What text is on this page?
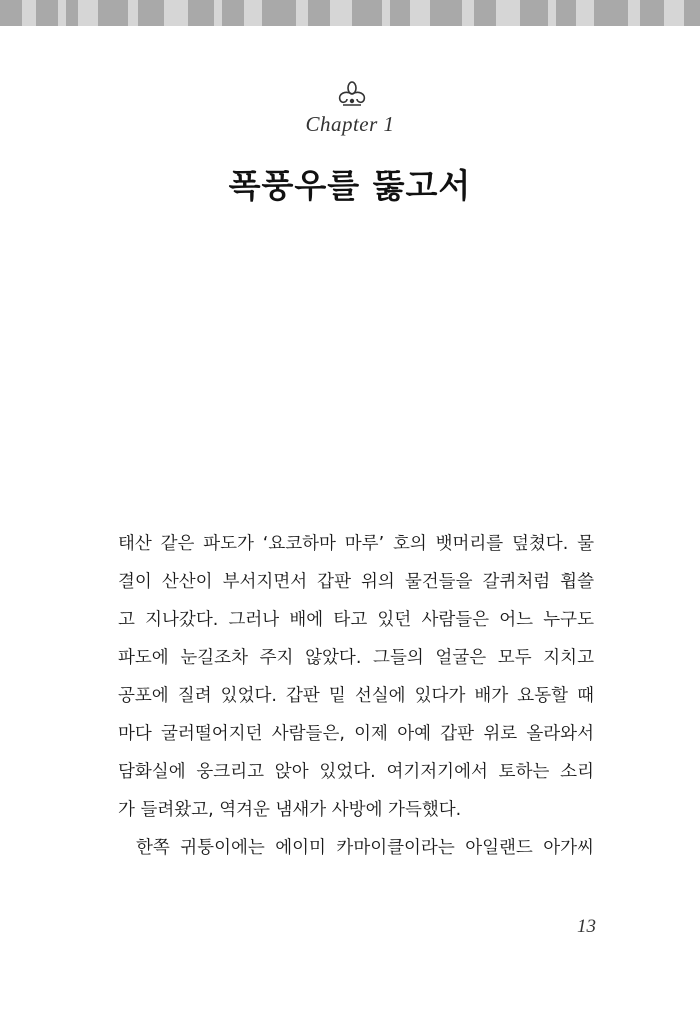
Chapter 1
폭풍우를 뚫고서
태산 같은 파도가 ‘요코하마 마루’ 호의 뱃머리를 덮쳤다. 물
결이 산산이 부서지면서 갑판 위의 물건들을 갈퀴처럼 휩쓸
고 지나갔다. 그러나 배에 타고 있던 사람들은 어느 누구도
파도에 눈길조차 주지 않았다. 그들의 얼굴은 모두 지치고
공포에 질려 있었다. 갑판 밑 선실에 있다가 배가 요동할 때
마다 굴러떨어지던 사람들은, 이제 아예 갑판 위로 올라와서
담화실에 웅크리고 앉아 있었다. 여기저기에서 토하는 소리
가 들려왔고, 역겨운 냄새가 사방에 가득했다.
한쪽 귀퉁이에는 에이미 카마이클이라는 아일랜드 아가씨
13
